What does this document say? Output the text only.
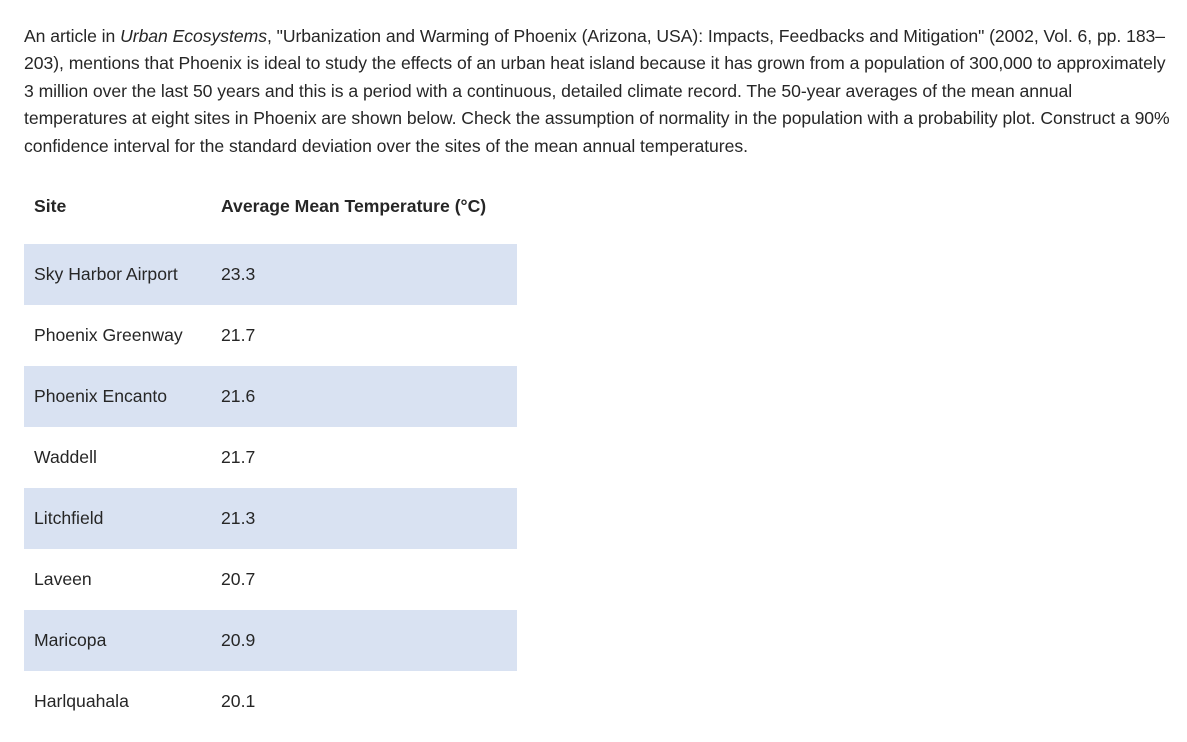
An article in Urban Ecosystems, "Urbanization and Warming of Phoenix (Arizona, USA): Impacts, Feedbacks and Mitigation" (2002, Vol. 6, pp. 183–203), mentions that Phoenix is ideal to study the effects of an urban heat island because it has grown from a population of 300,000 to approximately 3 million over the last 50 years and this is a period with a continuous, detailed climate record. The 50-year averages of the mean annual temperatures at eight sites in Phoenix are shown below. Check the assumption of normality in the population with a probability plot. Construct a 90% confidence interval for the standard deviation over the sites of the mean annual temperatures.

Site	Average Mean Temperature (°C)

Sky Harbor Airport	23.3
Phoenix Greenway	21.7
Phoenix Encanto	21.6
Waddell	21.7
Litchfield	21.3
Laveen	20.7
Maricopa	20.9
Harlquahala	20.1
